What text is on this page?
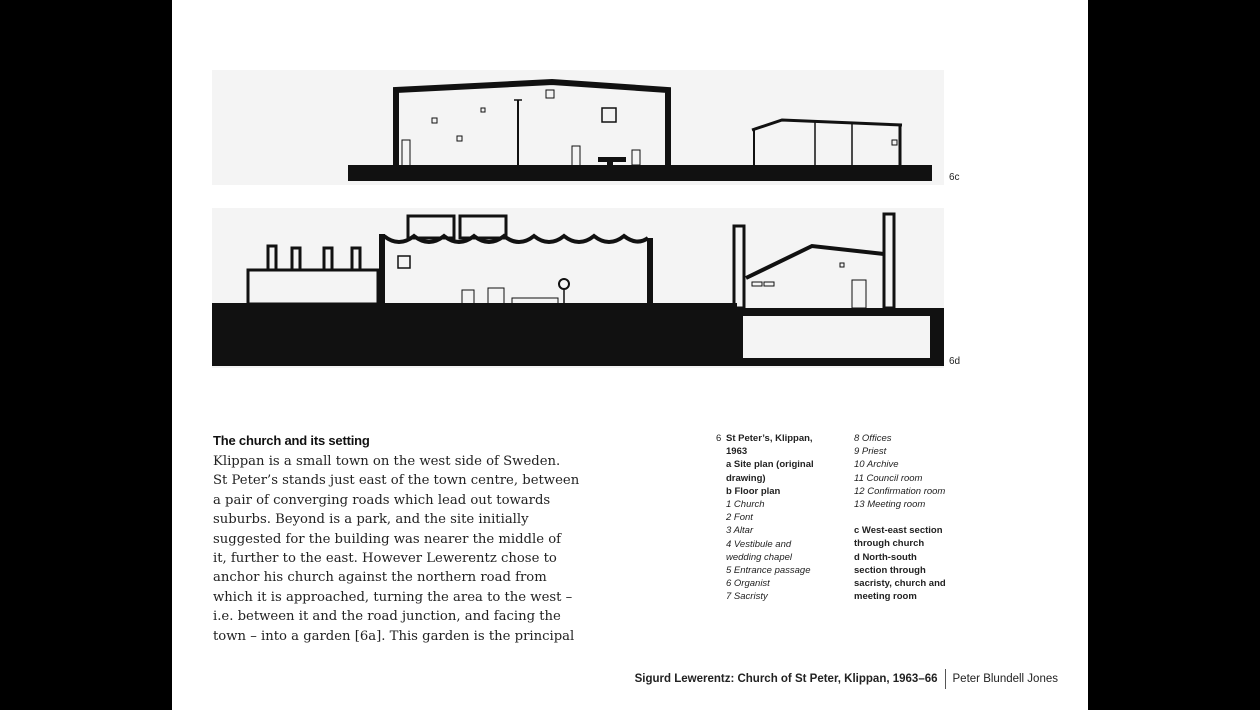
6c
6d
The church and its setting
Klippan is a small town on the west side of Sweden.
St Peter’s stands just east of the town centre, between
a pair of converging roads which lead out towards
suburbs. Beyond is a park, and the site initially
suggested for the building was nearer the middle of
it, further to the east. However Lewerentz chose to
anchor his church against the northern road from
which it is approached, turning the area to the west –
i.e. between it and the road junction, and facing the
town – into a garden [6a]. This garden is the principal
6 St Peter’s, Klippan,
1963
a Site plan (original
drawing)
b Floor plan
1 Church
2 Font
3 Altar
4 Vestibule and
wedding chapel
5 Entrance passage
6 Organist
7 Sacristy
8 Offices
9 Priest
10 Archive
11 Council room
12 Confirmation room
13 Meeting room
c West-east section
through church
d North-south
section through
sacristy, church and
meeting room
Sigurd Lewerentz: Church of St Peter, Klippan, 1963–66 Peter Blundell Jones
